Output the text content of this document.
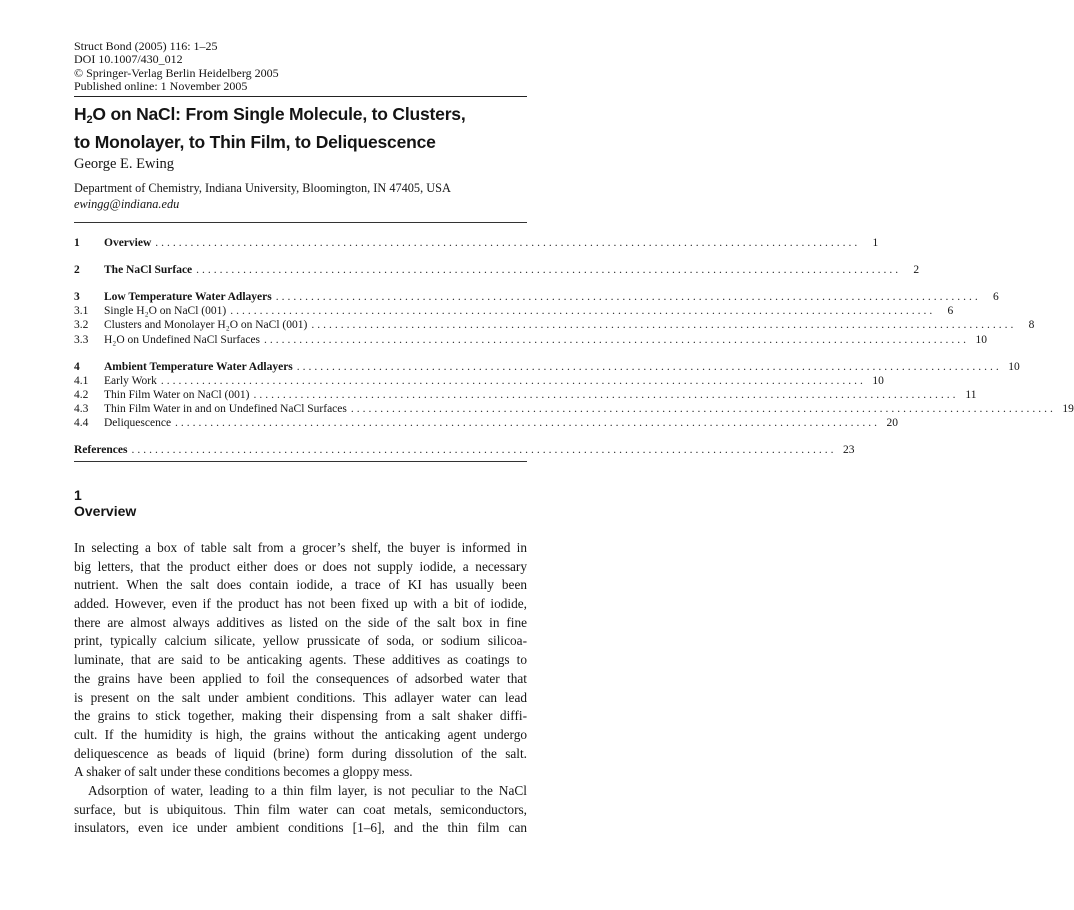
Struct Bond (2005) 116: 1–25
DOI 10.1007/430_012
© Springer-Verlag Berlin Heidelberg 2005
Published online: 1 November 2005
$H_2O$ on NaCl: From Single Molecule, to Clusters,
to Monolayer, to Thin Film, to Deliquescence
George E. Ewing
Department of Chemistry, Indiana University, Bloomington, IN 47405, USA
ewingg@indiana.edu
1	Overview ........................................................................................................................	1
2	The NaCl Surface ........................................................................................................................	2
3	Low Temperature Water Adlayers ........................................................................................................................	6
3.1	Single H₂O on NaCl (001) ........................................................................................................................	6
3.2	Clusters and Monolayer H₂O on NaCl (001) ........................................................................................................................	8
3.3	H₂O on Undefined NaCl Surfaces ........................................................................................................................ 10
4	Ambient Temperature Water Adlayers ........................................................................................................................ 10
4.1	Early Work ........................................................................................................................ 10
4.2	Thin Film Water on NaCl (001) ........................................................................................................................ 11
4.3	Thin Film Water in and on Undefined NaCl Surfaces ........................................................................................................................ 19
4.4	Deliquescence ........................................................................................................................ 20
References ........................................................................................................................ 23
1
Overview
In selecting a box of table salt from a grocer’s shelf, the buyer is informed in
big letters, that the product either does or does not supply iodide, a necessary
nutrient. When the salt does contain iodide, a trace of KI has usually been
added. However, even if the product has not been fixed up with a bit of iodide,
there are almost always additives as listed on the side of the salt box in fine
print, typically calcium silicate, yellow prussicate of soda, or sodium silicoa-
luminate, that are said to be anticaking agents. These additives as coatings to
the grains have been applied to foil the consequences of adsorbed water that
is present on the salt under ambient conditions. This adlayer water can lead
the grains to stick together, making their dispensing from a salt shaker diffi-
cult. If the humidity is high, the grains without the anticaking agent undergo
deliquescence as beads of liquid (brine) form during dissolution of the salt.
A shaker of salt under these conditions becomes a gloppy mess.
Adsorption of water, leading to a thin film layer, is not peculiar to the NaCl
surface, but is ubiquitous. Thin film water can coat metals, semiconductors,
insulators, even ice under ambient conditions [1–6], and the thin film can
